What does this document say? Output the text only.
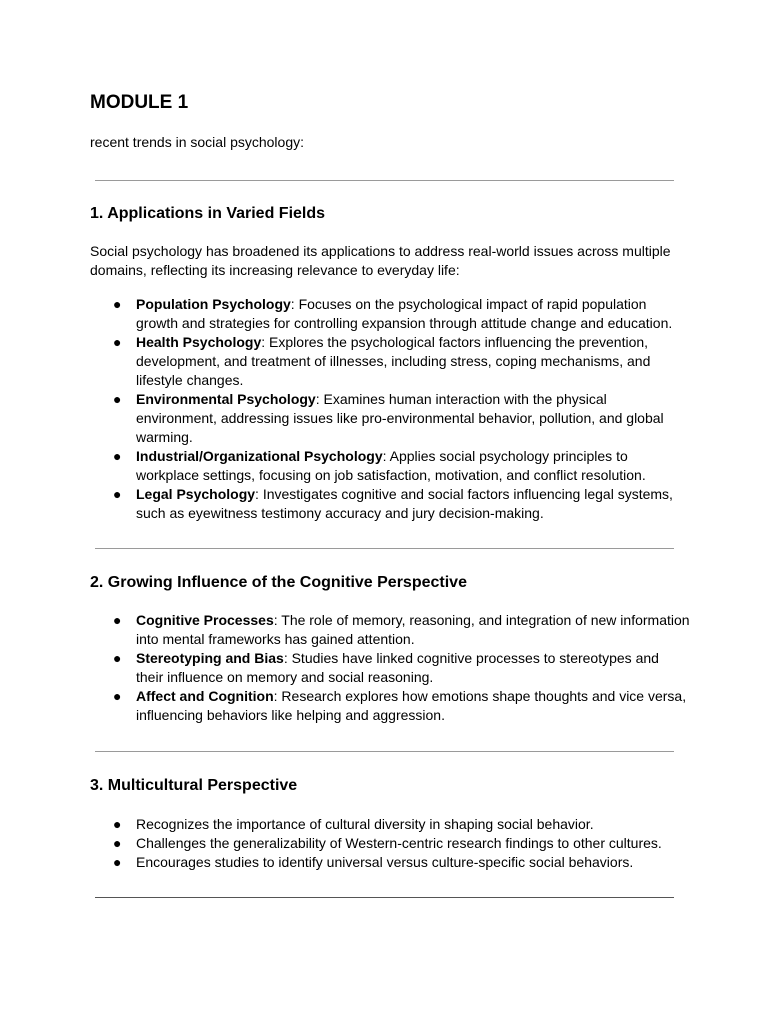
MODULE 1

recent trends in social psychology:

1. Applications in Varied Fields

Social psychology has broadened its applications to address real-world issues across multiple domains, reflecting its increasing relevance to everyday life:

● Population Psychology: Focuses on the psychological impact of rapid population growth and strategies for controlling expansion through attitude change and education.
● Health Psychology: Explores the psychological factors influencing the prevention, development, and treatment of illnesses, including stress, coping mechanisms, and lifestyle changes.
● Environmental Psychology: Examines human interaction with the physical environment, addressing issues like pro-environmental behavior, pollution, and global warming.
● Industrial/Organizational Psychology: Applies social psychology principles to workplace settings, focusing on job satisfaction, motivation, and conflict resolution.
● Legal Psychology: Investigates cognitive and social factors influencing legal systems, such as eyewitness testimony accuracy and jury decision-making.
2. Growing Influence of the Cognitive Perspective
● Cognitive Processes: The role of memory, reasoning, and integration of new information into mental frameworks has gained attention.
● Stereotyping and Bias: Studies have linked cognitive processes to stereotypes and their influence on memory and social reasoning.
● Affect and Cognition: Research explores how emotions shape thoughts and vice versa, influencing behaviors like helping and aggression.
3. Multicultural Perspective
● Recognizes the importance of cultural diversity in shaping social behavior.
● Challenges the generalizability of Western-centric research findings to other cultures.
● Encourages studies to identify universal versus culture-specific social behaviors.
